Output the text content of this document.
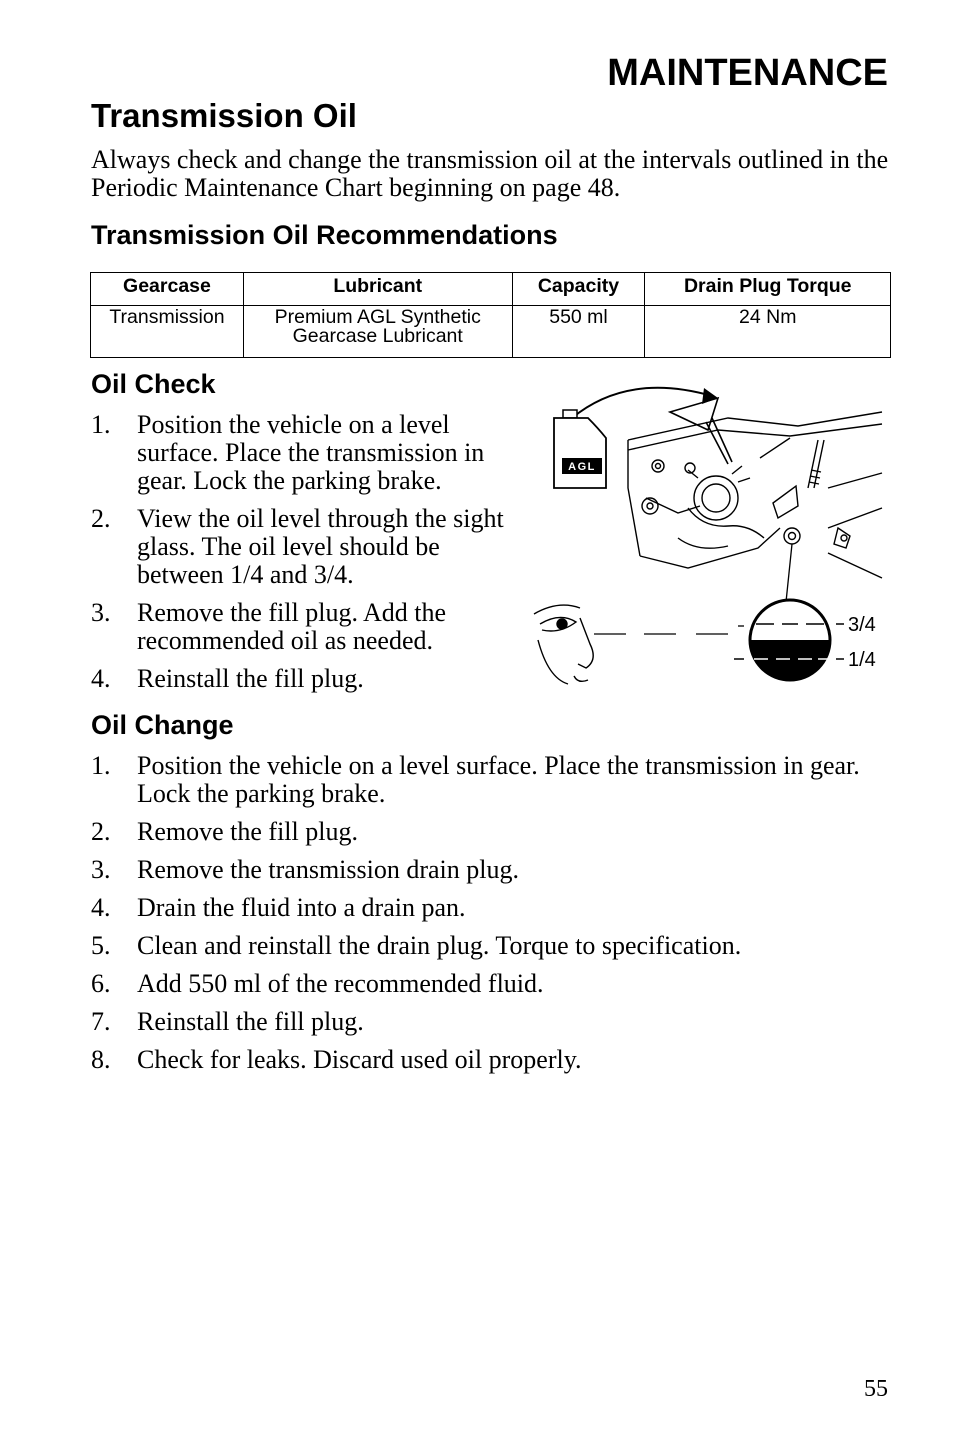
MAINTENANCE
Transmission Oil

Always check and change the transmission oil at the intervals outlined in the Periodic Maintenance Chart beginning on page 48.

Transmission Oil Recommendations
Gearcase	Lubricant	Capacity	Drain Plug Torque
Transmission	Premium AGL Synthetic Gearcase Lubricant	550 ml	24 Nm
Oil Check
1. Position the vehicle on a level surface. Place the transmission in gear. Lock the parking brake.
2. View the oil level through the sight glass. The oil level should be between 1/4 and 3/4.
3. Remove the fill plug. Add the recommended oil as needed.
4. Reinstall the fill plug.
AGL
3/4
1/4
Oil Change
1. Position the vehicle on a level surface. Place the transmission in gear. Lock the parking brake.
2. Remove the fill plug.
3. Remove the transmission drain plug.
4. Drain the fluid into a drain pan.
5. Clean and reinstall the drain plug. Torque to specification.
6. Add 550 ml of the recommended fluid.
7. Reinstall the fill plug.
8. Check for leaks. Discard used oil properly.

55
